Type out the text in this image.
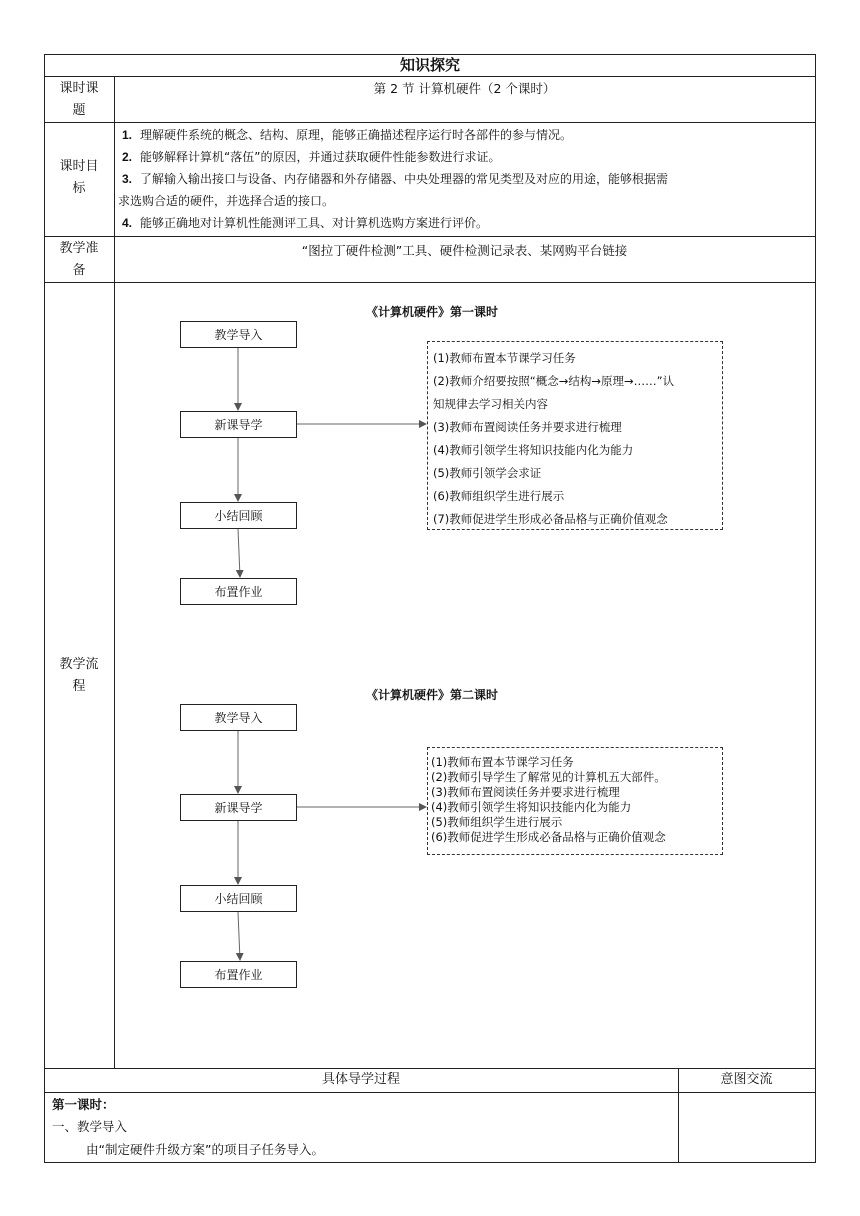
知识探究
课时课
题
第 2 节 计算机硬件（2 个课时）
课时目
标

1. 理解硬件系统的概念、结构、原理，能够正确描述程序运行时各部件的参与情况。

2. 能够解释计算机“落伍”的原因，并通过获取硬件性能参数进行求证。

3. 了解输入输出接口与设备、内存储器和外存储器、中央处理器的常见类型及对应的用途，能够根据需

求选购合适的硬件，并选择合适的接口。

4. 能够正确地对计算机性能测评工具、对计算机选购方案进行评价。

教学准
备
“图拉丁硬件检测”工具、硬件检测记录表、某网购平台链接
教学流
程
《计算机硬件》第一课时
教学导入
新课导学
小结回顾
布置作业
(1)教师布置本节课学习任务
(2)教师介绍要按照“概念→结构→原理→……”认
知规律去学习相关内容
(3)教师布置阅读任务并要求进行梳理
(4)教师引领学生将知识技能内化为能力
(5)教师引领学会求证
(6)教师组织学生进行展示
(7)教师促进学生形成必备品格与正确价值观念
《计算机硬件》第二课时
教学导入
新课导学
小结回顾
布置作业
(1)教师布置本节课学习任务
(2)教师引导学生了解常见的计算机五大部件。
(3)教师布置阅读任务并要求进行梳理
(4)教师引领学生将知识技能内化为能力
(5)教师组织学生进行展示
(6)教师促进学生形成必备品格与正确价值观念
具体导学过程	意图交流
第一课时：
一、教学导入
由“制定硬件升级方案”的项目子任务导入。
